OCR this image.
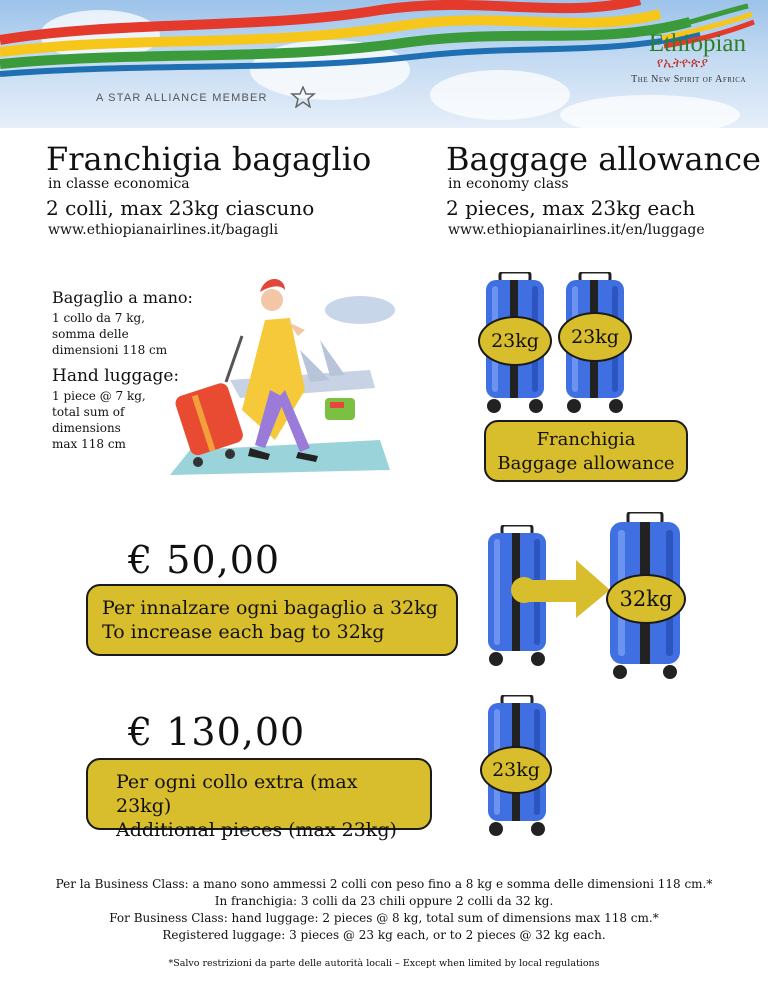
Ethiopian
የኢትዮጵያ
The New Spirit of Africa
A STAR ALLIANCE MEMBER
Franchigia bagaglio
in classe economica
2 colli, max 23kg ciascuno
www.ethiopianairlines.it/bagagli
Baggage allowance
in economy class
2 pieces, max 23kg each
www.ethiopianairlines.it/en/luggage
Bagaglio a mano:
1 collo da 7 kg,
somma delle
dimensioni 118 cm
Hand luggage:
1 piece @ 7 kg,
total sum of
dimensions
max 118 cm
23kg	23kg
Franchigia
Baggage allowance
€ 50,00
Per innalzare ogni bagaglio a 32kg
To increase each bag to 32kg
32kg
€ 130,00
Per ogni collo extra (max 23kg)
Additional pieces (max 23kg)
23kg
Per la Business Class: a mano sono ammessi 2 colli con peso fino a 8 kg e somma delle dimensioni 118 cm.*
In franchigia: 3 colli da 23 chili oppure 2 colli da 32 kg.
For Business Class: hand luggage: 2 pieces @ 8 kg, total sum of dimensions max 118 cm.*
Registered luggage: 3 pieces @ 23 kg each, or to 2 pieces @ 32 kg each.
*Salvo restrizioni da parte delle autorità locali – Except when limited by local regulations
